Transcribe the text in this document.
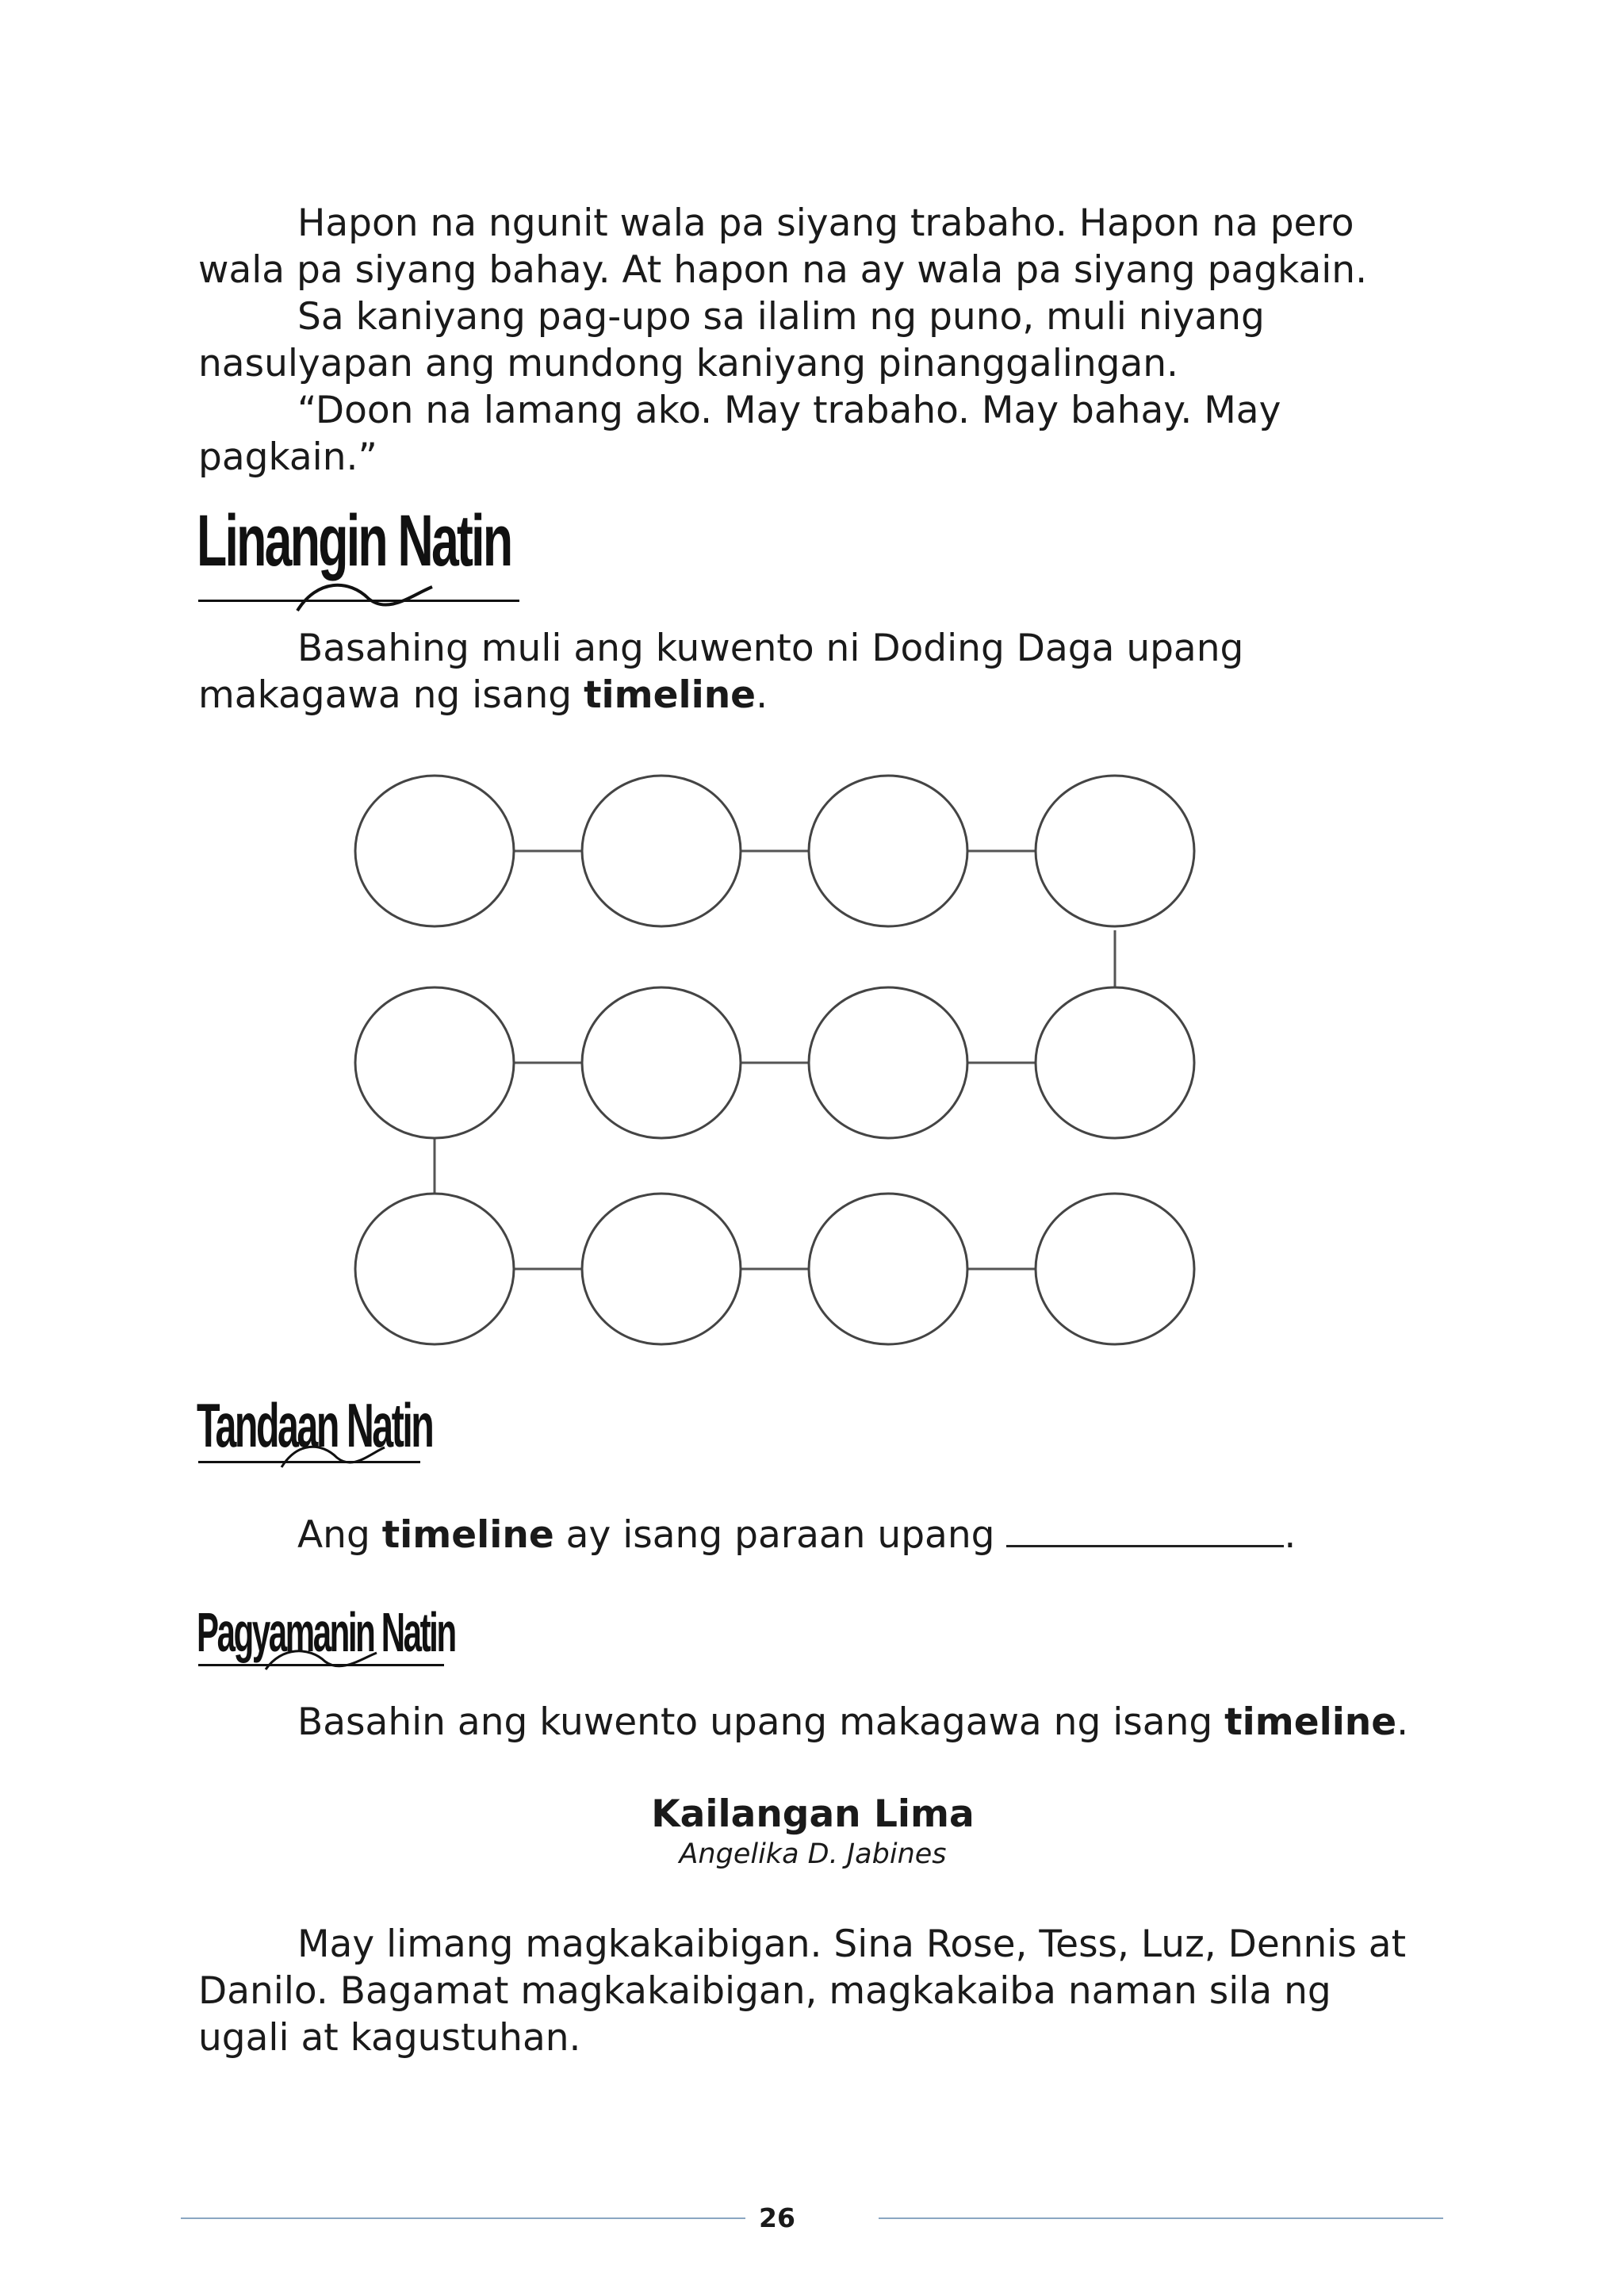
Hapon na ngunit wala pa siyang trabaho. Hapon na pero wala pa siyang bahay. At hapon na ay wala pa siyang pagkain.

Sa kaniyang pag-upo sa ilalim ng puno, muli niyang nasulyapan ang mundong kaniyang pinanggalingan.

“Doon na lamang ako. May trabaho. May bahay. May pagkain.”

Linangin Natin

Basahing muli ang kuwento ni Doding Daga upang makagawa ng isang timeline.

Tandaan Natin

Ang timeline ay isang paraan upang	.

Pagyamanin Natin

Basahin ang kuwento upang makagawa ng isang timeline.

Kailangan Lima
Angelika D. Jabines

May limang magkakaibigan. Sina Rose, Tess, Luz, Dennis at Danilo. Bagamat magkakaibigan, magkakaiba naman sila ng ugali at kagustuhan.

26
